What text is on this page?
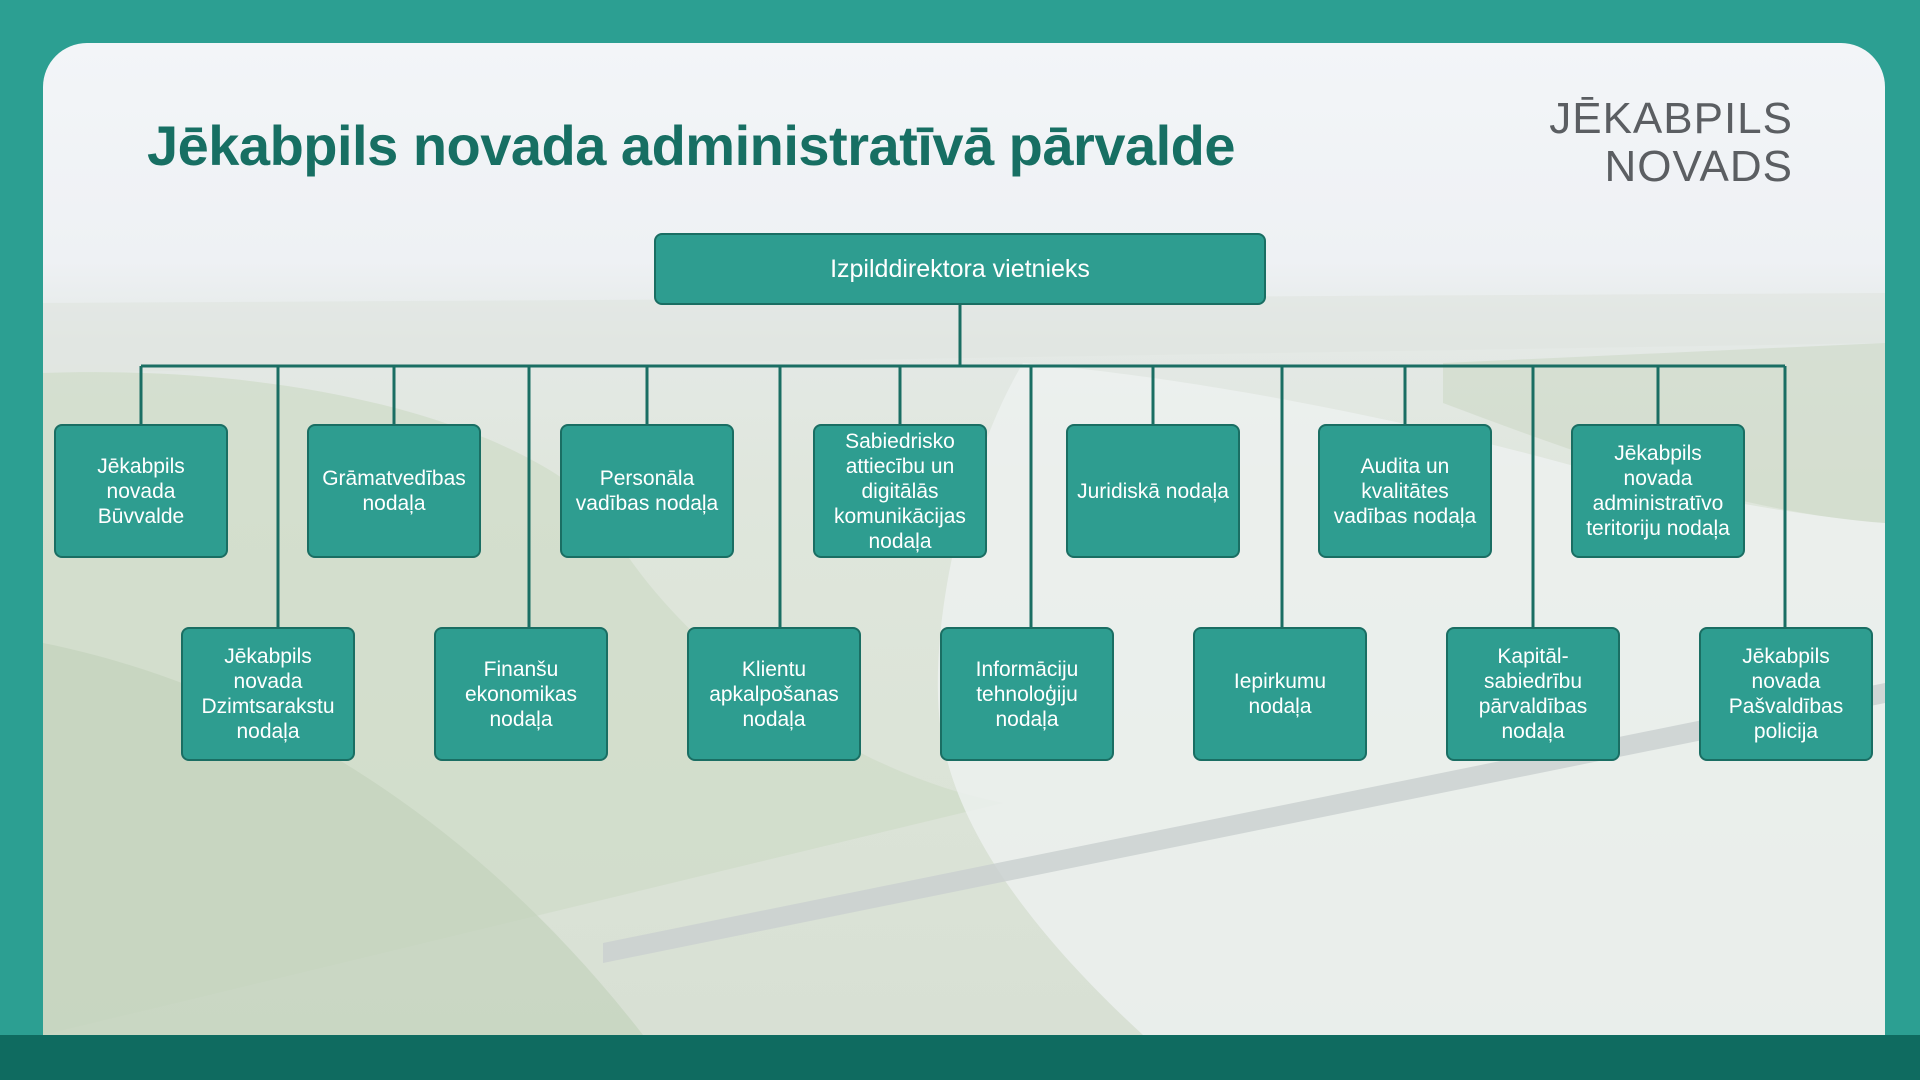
Jēkabpils novada administratīvā pārvalde	JĒKABPILS
NOVADS
Izpilddirektora vietnieks
Jēkabpils novada Būvvalde
Grāmatvedības nodaļa
Personāla vadības nodaļa
Sabiedrisko attiecību un digitālās komunikācijas nodaļa
Juridiskā nodaļa
Audita un kvalitātes vadības nodaļa
Jēkabpils novada administratīvo teritoriju nodaļa
Jēkabpils novada Dzimtsarakstu nodaļa
Finanšu ekonomikas nodaļa
Klientu apkalpošanas nodaļa
Informāciju tehnoloģiju nodaļa
Iepirkumu nodaļa
Kapitāl-sabiedrību pārvaldības nodaļa
Jēkabpils novada Pašvaldības policija
